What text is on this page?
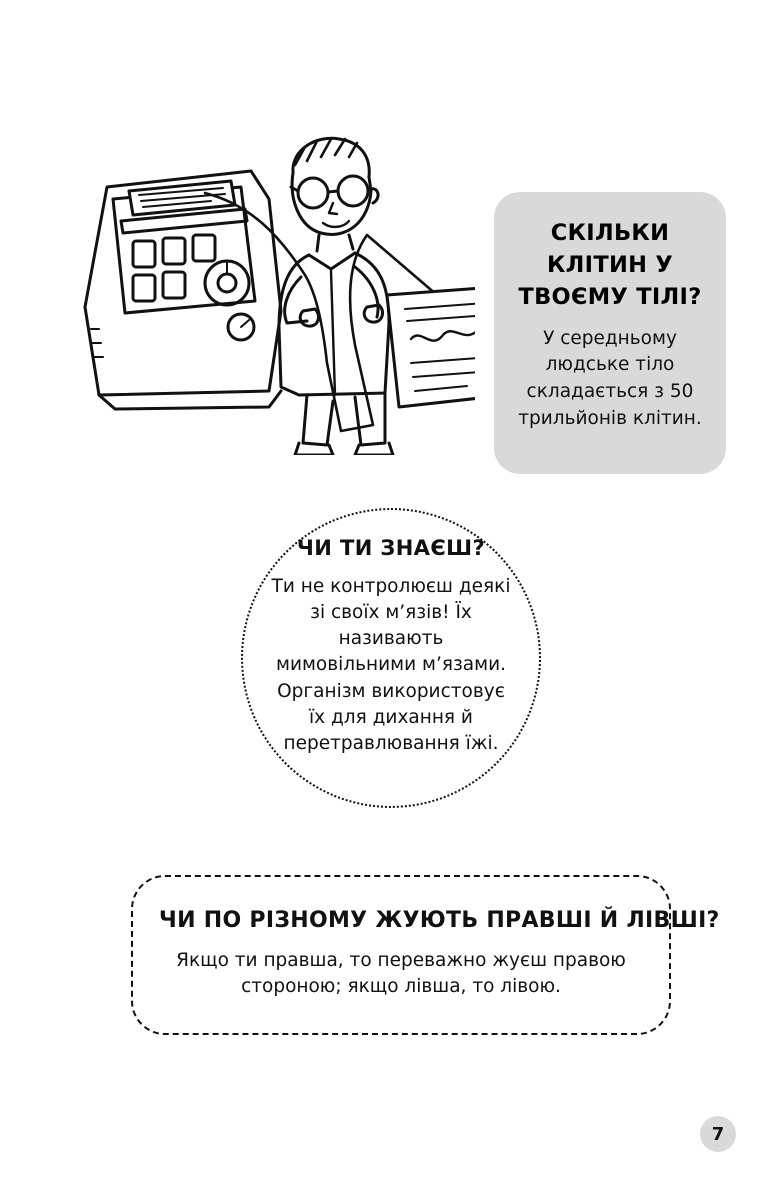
СКІЛЬКИ КЛІТИН У ТВОЄМУ ТІЛІ?
У середньому людське тіло складається з 50 трильйонів клітин.
ЧИ ТИ ЗНАЄШ?
Ти не контролюєш деякі зі своїх м’язів! Їх називають мимовільними м’язами. Організм використовує їх для дихання й перетравлювання їжі.
ЧИ ПО РІЗНОМУ ЖУЮТЬ ПРАВШІ Й ЛІВШІ?
Якщо ти правша, то переважно жуєш правою стороною; якщо лівша, то лівою.
7
